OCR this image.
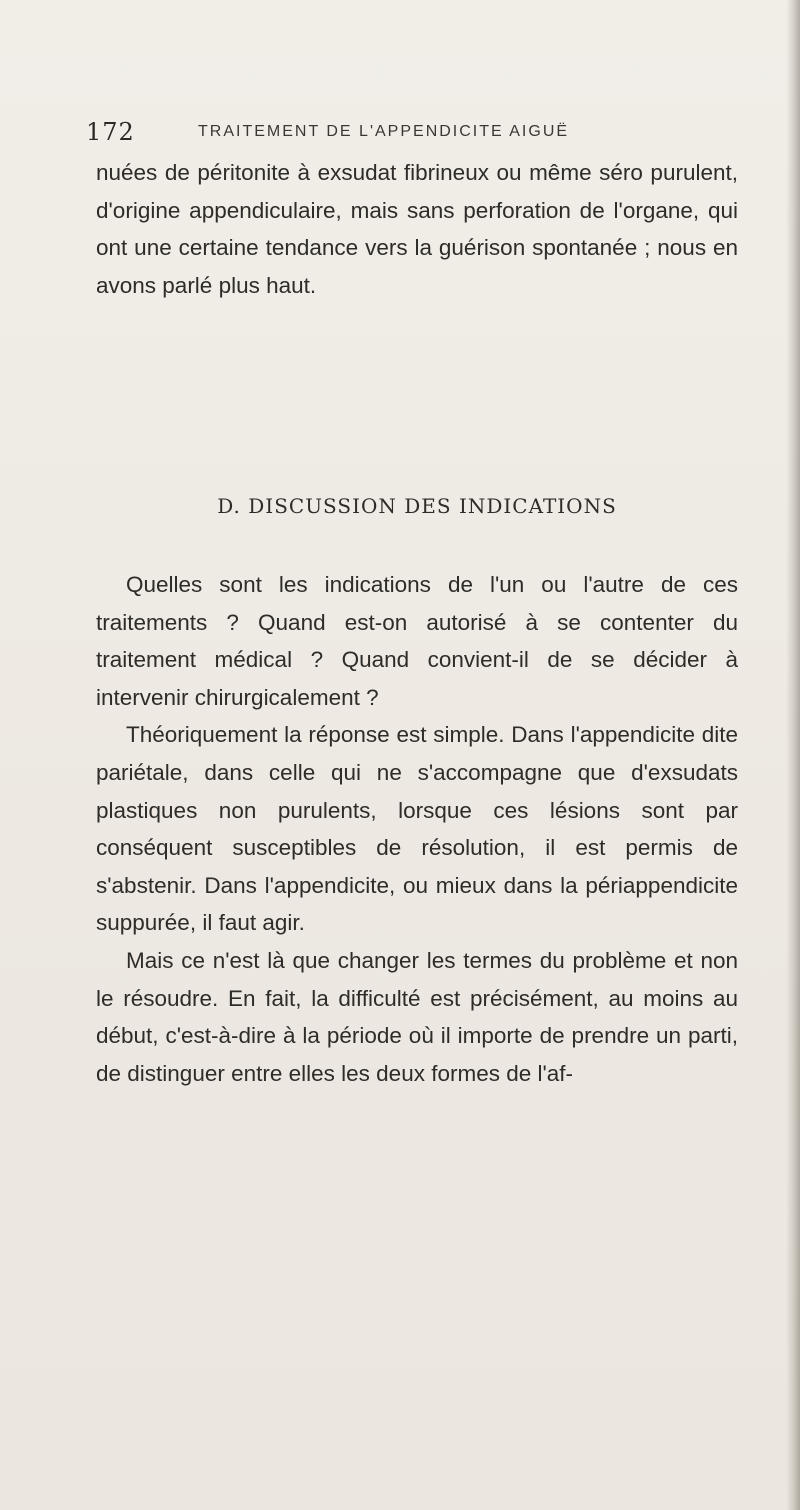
172	TRAITEMENT DE L'APPENDICITE AIGUË

nuées de péritonite à exsudat fibrineux ou même séro purulent, d'origine appendiculaire, mais sans perforation de l'organe, qui ont une certaine tendance vers la guérison spontanée ; nous en avons parlé plus haut.

D. DISCUSSION DES INDICATIONS

Quelles sont les indications de l'un ou l'autre de ces traitements ? Quand est-on autorisé à se contenter du traitement médical ? Quand convient-il de se décider à intervenir chirurgicalement ?

Théoriquement la réponse est simple. Dans l'appendicite dite pariétale, dans celle qui ne s'accompagne que d'exsudats plastiques non purulents, lorsque ces lésions sont par conséquent susceptibles de résolution, il est permis de s'abstenir. Dans l'appendicite, ou mieux dans la périappendicite suppurée, il faut agir.

Mais ce n'est là que changer les termes du problème et non le résoudre. En fait, la difficulté est précisément, au moins au début, c'est-à-dire à la période où il importe de prendre un parti, de distinguer entre elles les deux formes de l'af-
